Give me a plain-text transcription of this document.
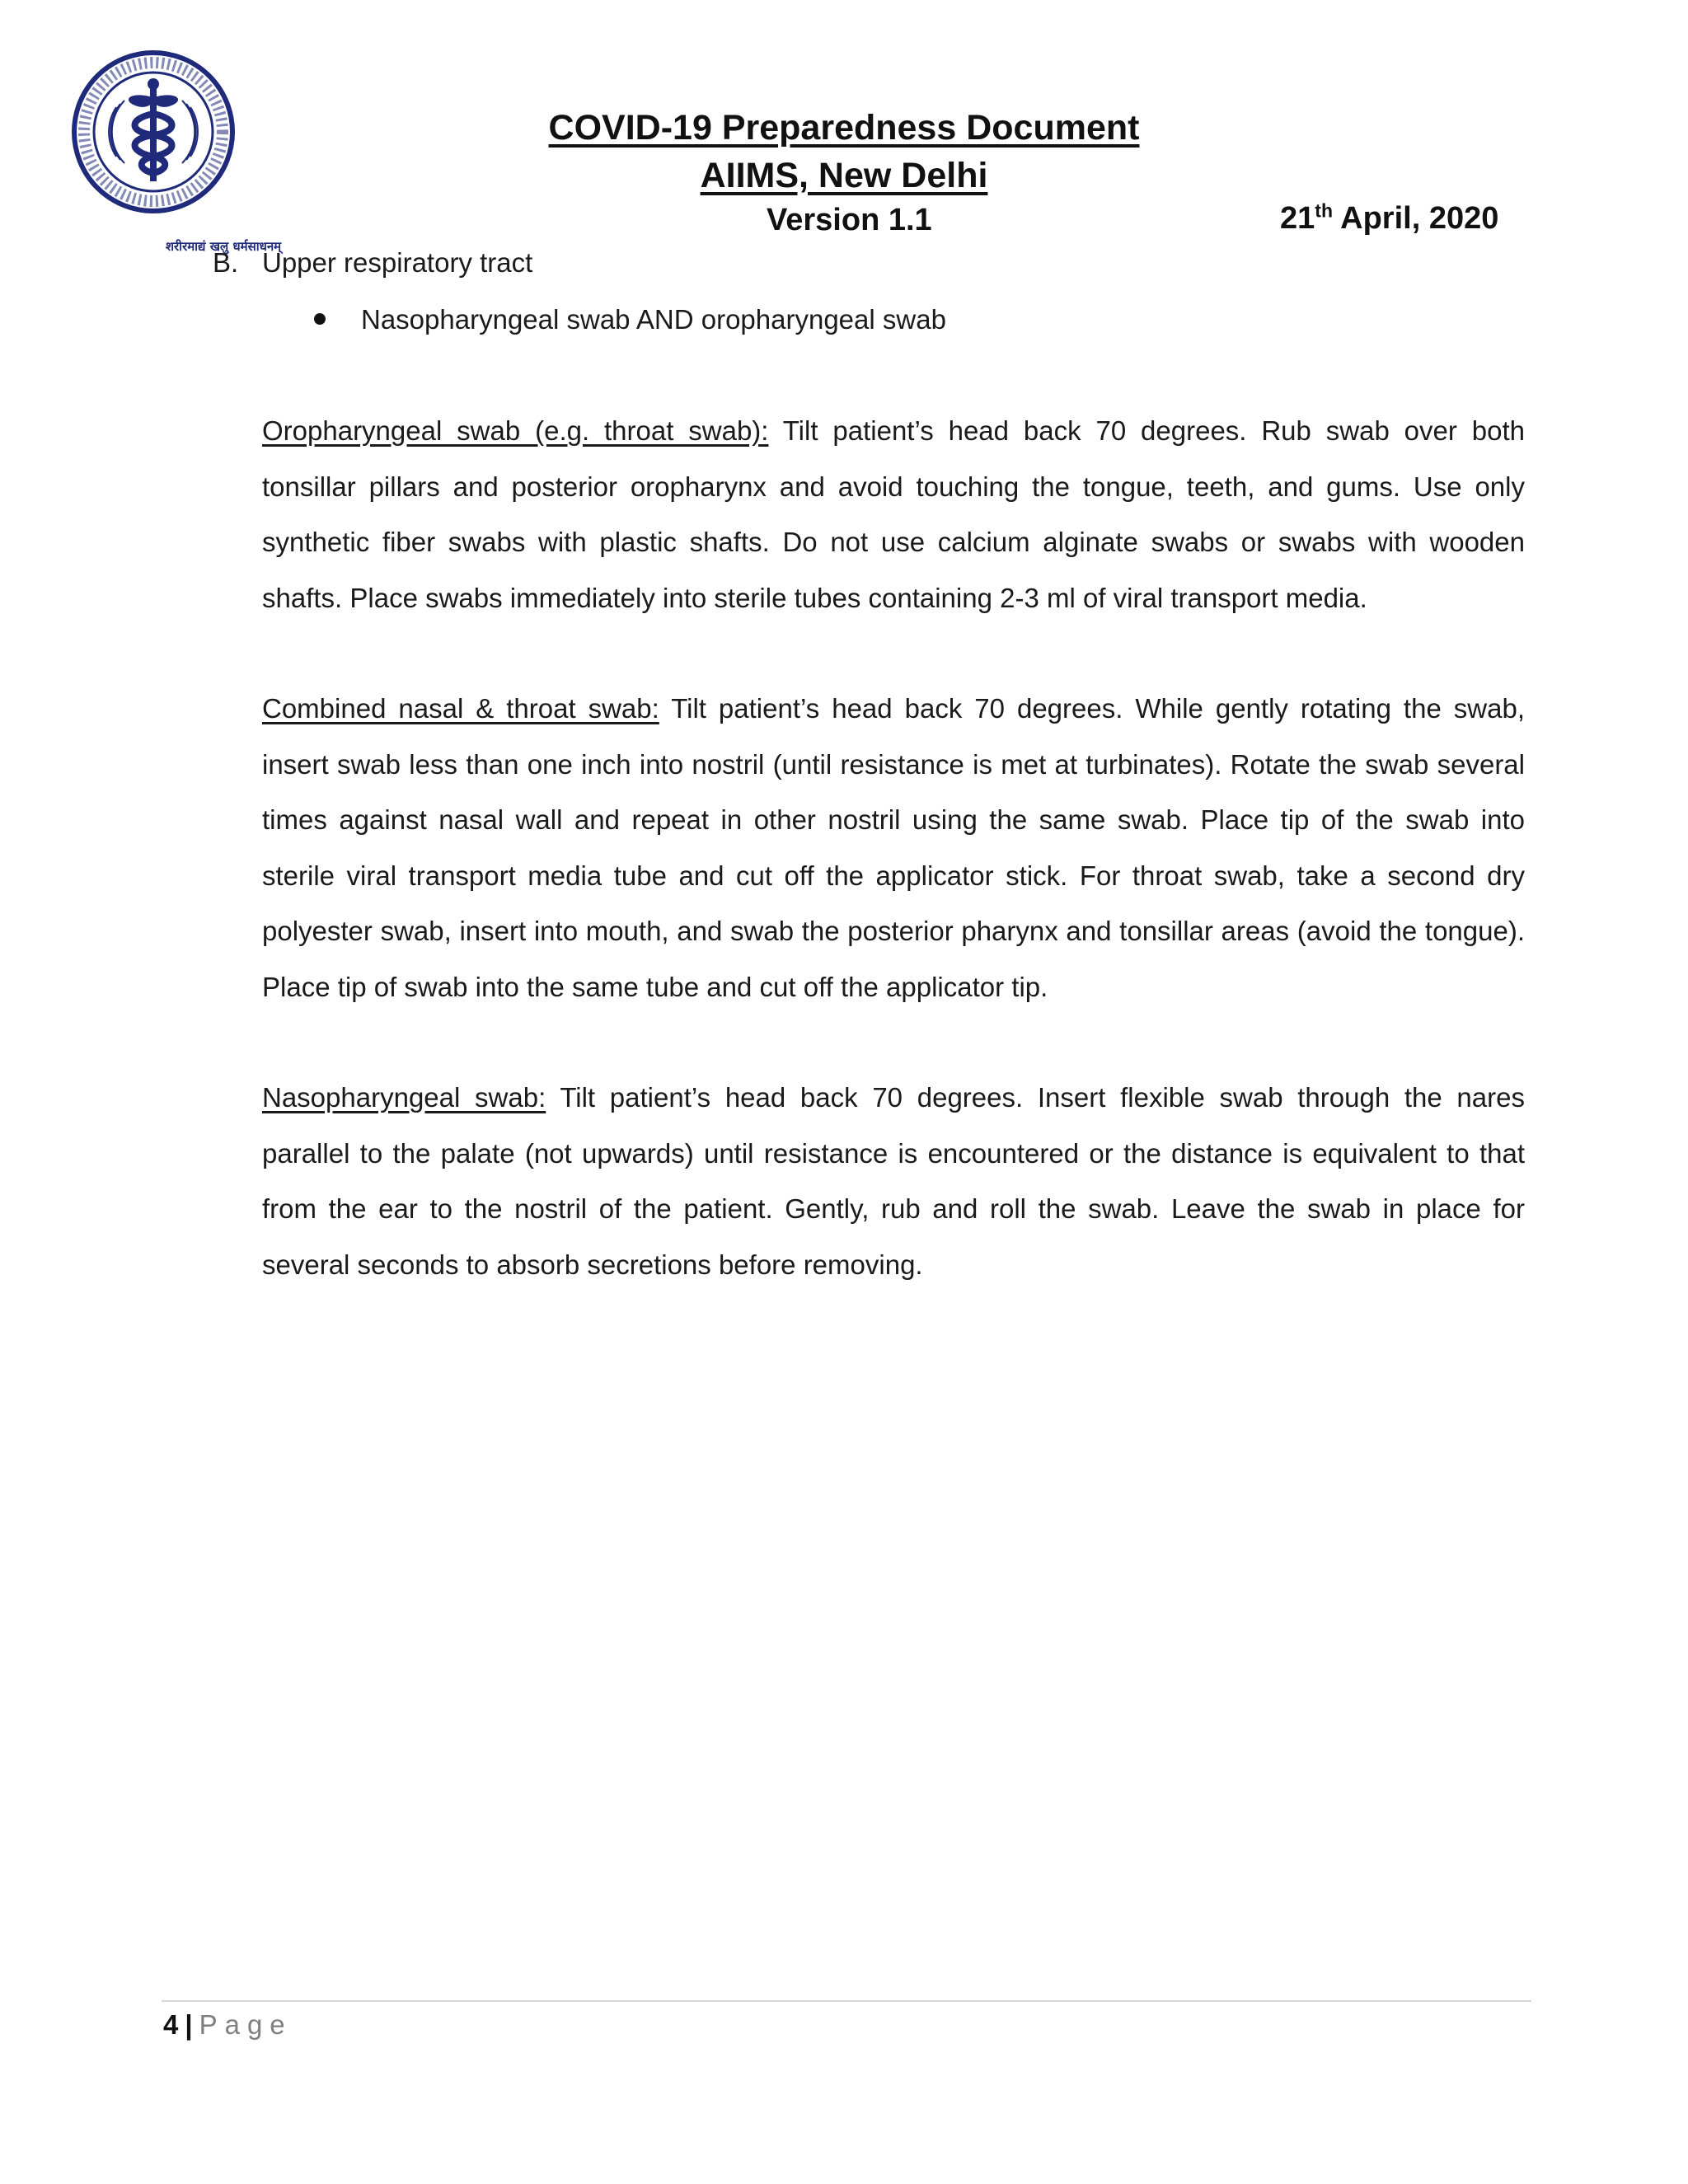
शरीरमाद्यं खलु धर्मसाधनम्
COVID-19 Preparedness Document
AIIMS, New Delhi
Version 1.1	21th April, 2020
B. Upper respiratory tract
Nasopharyngeal swab AND oropharyngeal swab
Oropharyngeal swab (e.g. throat swab): Tilt patient’s head back 70 degrees. Rub swab over both tonsillar pillars and posterior oropharynx and avoid touching the tongue, teeth, and gums. Use only synthetic fiber swabs with plastic shafts. Do not use calcium alginate swabs or swabs with wooden shafts. Place swabs immediately into sterile tubes containing 2-3 ml of viral transport media.
Combined nasal & throat swab: Tilt patient’s head back 70 degrees. While gently rotating the swab, insert swab less than one inch into nostril (until resistance is met at turbinates). Rotate the swab several times against nasal wall and repeat in other nostril using the same swab. Place tip of the swab into sterile viral transport media tube and cut off the applicator stick. For throat swab, take a second dry polyester swab, insert into mouth, and swab the posterior pharynx and tonsillar areas (avoid the tongue). Place tip of swab into the same tube and cut off the applicator tip.
Nasopharyngeal swab: Tilt patient’s head back 70 degrees. Insert flexible swab through the nares parallel to the palate (not upwards) until resistance is encountered or the distance is equivalent to that from the ear to the nostril of the patient. Gently, rub and roll the swab. Leave the swab in place for several seconds to absorb secretions before removing.
4 | Page
